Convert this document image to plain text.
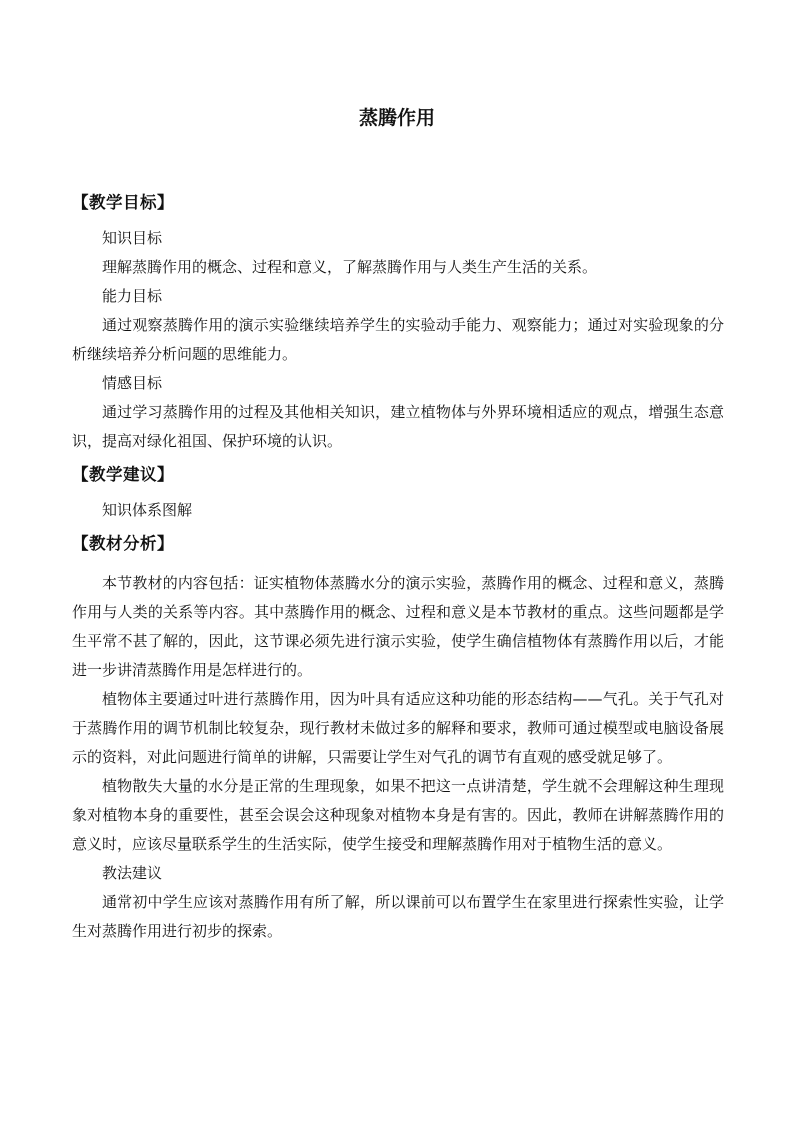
蒸腾作用

【教学目标】

知识目标

理解蒸腾作用的概念、过程和意义，了解蒸腾作用与人类生产生活的关系。

能力目标

通过观察蒸腾作用的演示实验继续培养学生的实验动手能力、观察能力；通过对实验现象的分析继续培养分析问题的思维能力。

情感目标

通过学习蒸腾作用的过程及其他相关知识，建立植物体与外界环境相适应的观点，增强生态意识，提高对绿化祖国、保护环境的认识。

【教学建议】

知识体系图解

【教材分析】

本节教材的内容包括：证实植物体蒸腾水分的演示实验，蒸腾作用的概念、过程和意义，蒸腾作用与人类的关系等内容。其中蒸腾作用的概念、过程和意义是本节教材的重点。这些问题都是学生平常不甚了解的，因此，这节课必须先进行演示实验，使学生确信植物体有蒸腾作用以后，才能进一步讲清蒸腾作用是怎样进行的。

植物体主要通过叶进行蒸腾作用，因为叶具有适应这种功能的形态结构——气孔。关于气孔对于蒸腾作用的调节机制比较复杂，现行教材未做过多的解释和要求，教师可通过模型或电脑设备展示的资料，对此问题进行简单的讲解，只需要让学生对气孔的调节有直观的感受就足够了。

植物散失大量的水分是正常的生理现象，如果不把这一点讲清楚，学生就不会理解这种生理现象对植物本身的重要性，甚至会误会这种现象对植物本身是有害的。因此，教师在讲解蒸腾作用的意义时，应该尽量联系学生的生活实际，使学生接受和理解蒸腾作用对于植物生活的意义。

教法建议

通常初中学生应该对蒸腾作用有所了解，所以课前可以布置学生在家里进行探索性实验，让学生对蒸腾作用进行初步的探索。
